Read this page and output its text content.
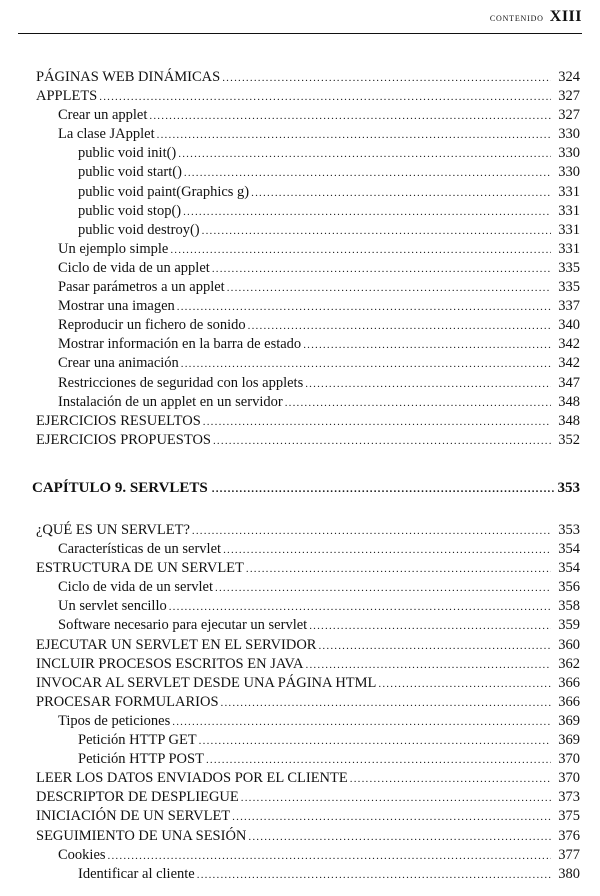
contenido XIII
PÁGINAS WEB DINÁMICAS .....	324
APPLETS .....	327
Crear un applet .....	327
La clase JApplet .....	330
public void init() .....	330
public void start() .....	330
public void paint(Graphics g) .....	331
public void stop() .....	331
public void destroy() .....	331
Un ejemplo simple .....	331
Ciclo de vida de un applet .....	335
Pasar parámetros a un applet .....	335
Mostrar una imagen .....	337
Reproducir un fichero de sonido .....	340
Mostrar información en la barra de estado .....	342
Crear una animación .....	342
Restricciones de seguridad con los applets .....	347
Instalación de un applet en un servidor .....	348
EJERCICIOS RESUELTOS .....	348
EJERCICIOS PROPUESTOS .....	352
CAPÍTULO 9. SERVLETS .....	353
¿QUÉ ES UN SERVLET? .....	353
Características de un servlet .....	354
ESTRUCTURA DE UN SERVLET .....	354
Ciclo de vida de un servlet .....	356
Un servlet sencillo .....	358
Software necesario para ejecutar un servlet .....	359
EJECUTAR UN SERVLET EN EL SERVIDOR .....	360
INCLUIR PROCESOS ESCRITOS EN JAVA .....	362
INVOCAR AL SERVLET DESDE UNA PÁGINA HTML .....	366
PROCESAR FORMULARIOS .....	366
Tipos de peticiones .....	369
Petición HTTP GET .....	369
Petición HTTP POST .....	370
LEER LOS DATOS ENVIADOS POR EL CLIENTE .....	370
DESCRIPTOR DE DESPLIEGUE .....	373
INICIACIÓN DE UN SERVLET .....	375
SEGUIMIENTO DE UNA SESIÓN .....	376
Cookies .....	377
Identificar al cliente .....	380
